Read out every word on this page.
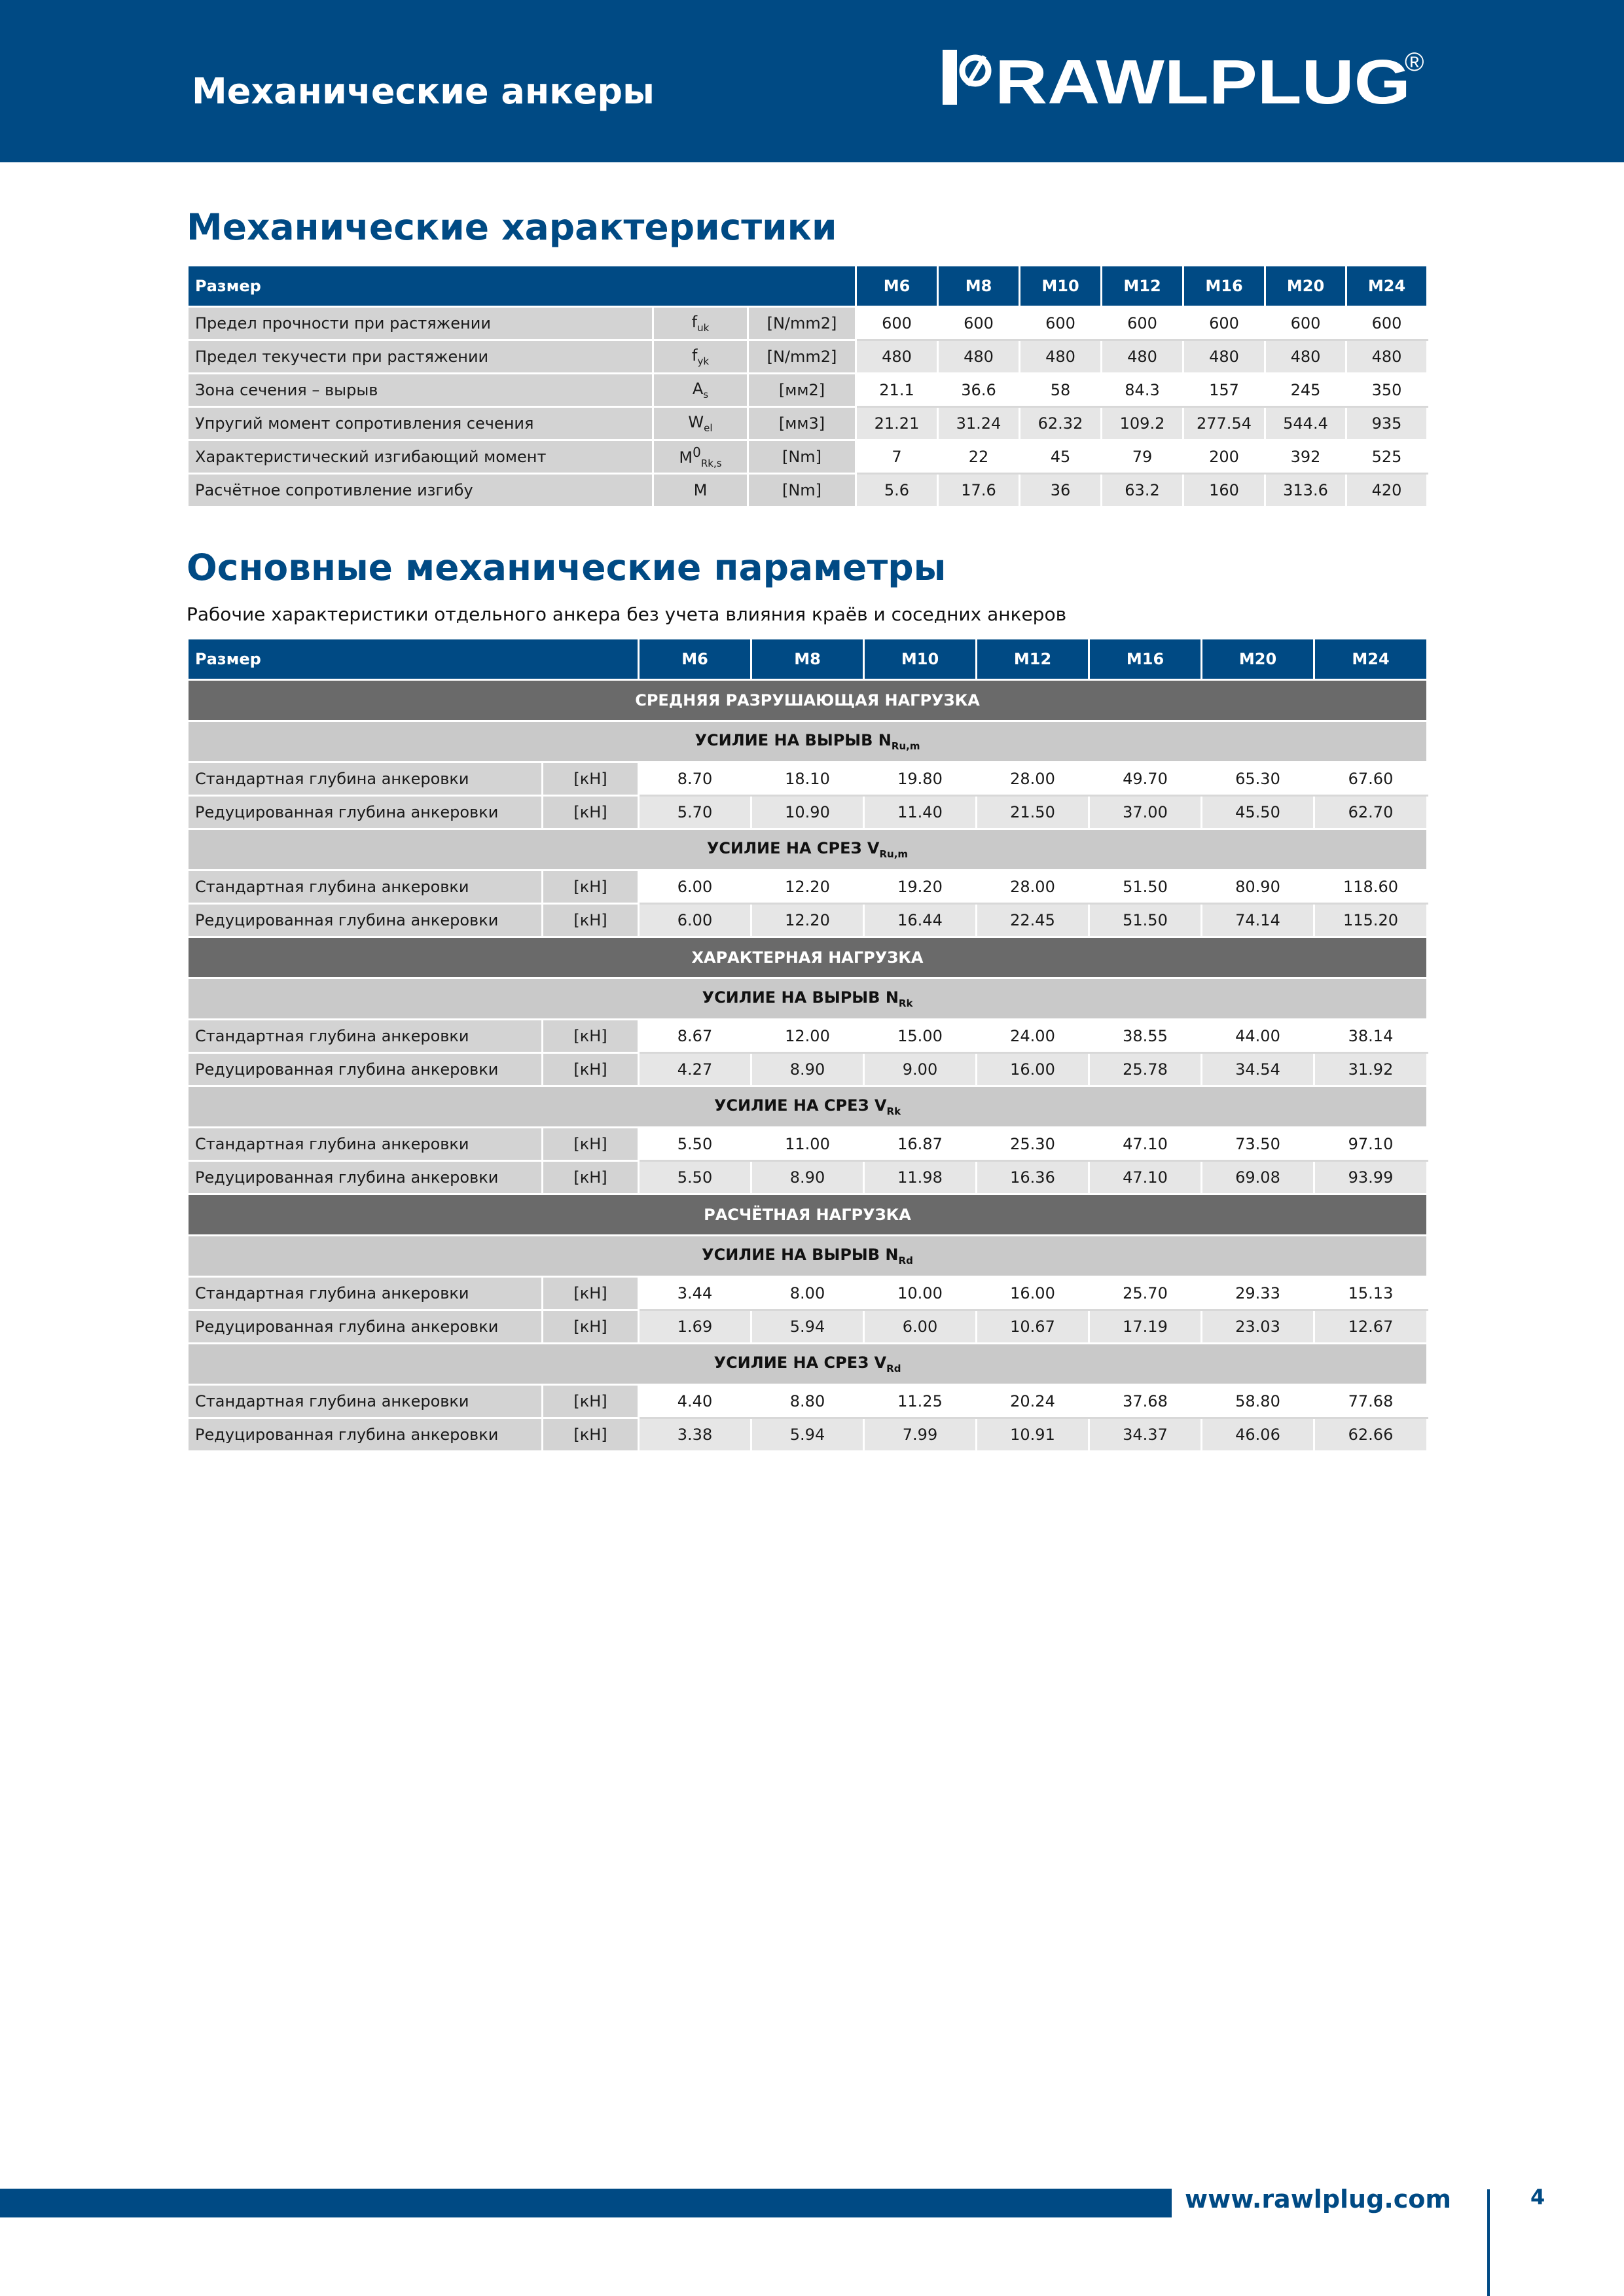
Механические анкеры	RAWLPLUG
®
Механические характеристики
Размер			M6	M8	M10	M12	M16	M20	M24
Предел прочности при растяжении	$f_{uk}$	[N/mm2]	600	600	600	600	600	600	600
Предел текучести при растяжении	$f_{yk}$	[N/mm2]	480	480	480	480	480	480	480
Зона сечения – вырыв	$A_s$	[мм2]	21.1	36.6	58	84.3	157	245	350
Упругий момент сопротивления сечения	$W_{el}$	[мм3]	21.21	31.24	62.32	109.2	277.54	544.4	935
Характеристический изгибающий момент	$M^0_{Rk,s}$	[Nm]	7	22	45	79	200	392	525
Расчётное сопротивление изгибу	M	[Nm]	5.6	17.6	36	63.2	160	313.6	420
Основные механические параметры
Рабочие характеристики отдельного анкера без учета влияния краёв и соседних анкеров
Размер		M6	M8	M10	M12	M16	M20	M24
СРЕДНЯЯ РАЗРУШАЮЩАЯ НАГРУЗКА								
УСИЛИЕ НА ВЫРЫВ $N_{Ru,m}$
Стандартная глубина анкеровки	[кН]	8.70	18.10	19.80	28.00	49.70	65.30	67.60
Редуцированная глубина анкеровки	[кН]	5.70	10.90	11.40	21.50	37.00	45.50	62.70
УСИЛИЕ НА СРЕЗ $V_{Ru,m}$
Стандартная глубина анкеровки	[кН]	6.00	12.20	19.20	28.00	51.50	80.90	118.60
Редуцированная глубина анкеровки	[кН]	6.00	12.20	16.44	22.45	51.50	74.14	115.20
ХАРАКТЕРНАЯ НАГРУЗКА								
УСИЛИЕ НА ВЫРЫВ $N_{Rk}$
Стандартная глубина анкеровки	[кН]	8.67	12.00	15.00	24.00	38.55	44.00	38.14
Редуцированная глубина анкеровки	[кН]	4.27	8.90	9.00	16.00	25.78	34.54	31.92
УСИЛИЕ НА СРЕЗ $V_{Rk}$
Стандартная глубина анкеровки	[кН]	5.50	11.00	16.87	25.30	47.10	73.50	97.10
Редуцированная глубина анкеровки	[кН]	5.50	8.90	11.98	16.36	47.10	69.08	93.99
РАСЧЁТНАЯ НАГРУЗКА								
УСИЛИЕ НА ВЫРЫВ $N_{Rd}$
Стандартная глубина анкеровки	[кН]	3.44	8.00	10.00	16.00	25.70	29.33	15.13
Редуцированная глубина анкеровки	[кН]	1.69	5.94	6.00	10.67	17.19	23.03	12.67
УСИЛИЕ НА СРЕЗ $V_{Rd}$
Стандартная глубина анкеровки	[кН]	4.40	8.80	11.25	20.24	37.68	58.80	77.68
Редуцированная глубина анкеровки	[кН]	3.38	5.94	7.99	10.91	34.37	46.06	62.66
www.rawlplug.com	4
